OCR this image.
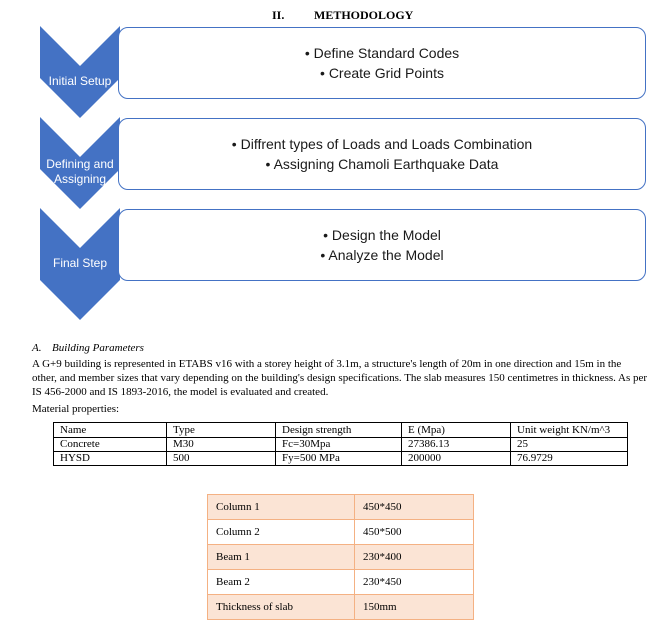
II. METHODOLOGY
Initial Setup
• Define Standard Codes
• Create Grid Points
Defining and
Assigning
• Diffrent types of Loads and Loads Combination
• Assigning Chamoli Earthquake Data
Final Step
• Design the Model
• Analyze the Model
A. Building Parameters
A G+9 building is represented in ETABS v16 with a storey height of 3.1m, a structure's length of 20m in one direction and 15m in the other, and member sizes that vary depending on the building's design specifications. The slab measures 150 centimetres in thickness. As per IS 456-2000 and IS 1893-2016, the model is evaluated and created.
Material properties:
Name	Type	Design strength	E (Mpa)	Unit weight KN/m^3
Concrete	M30	Fc=30Mpa	27386.13	25
HYSD	500	Fy=500 MPa	200000	76.9729
Column 1	450*450
Column 2	450*500
Beam 1	230*400
Beam 2	230*450
Thickness of slab	150mm
